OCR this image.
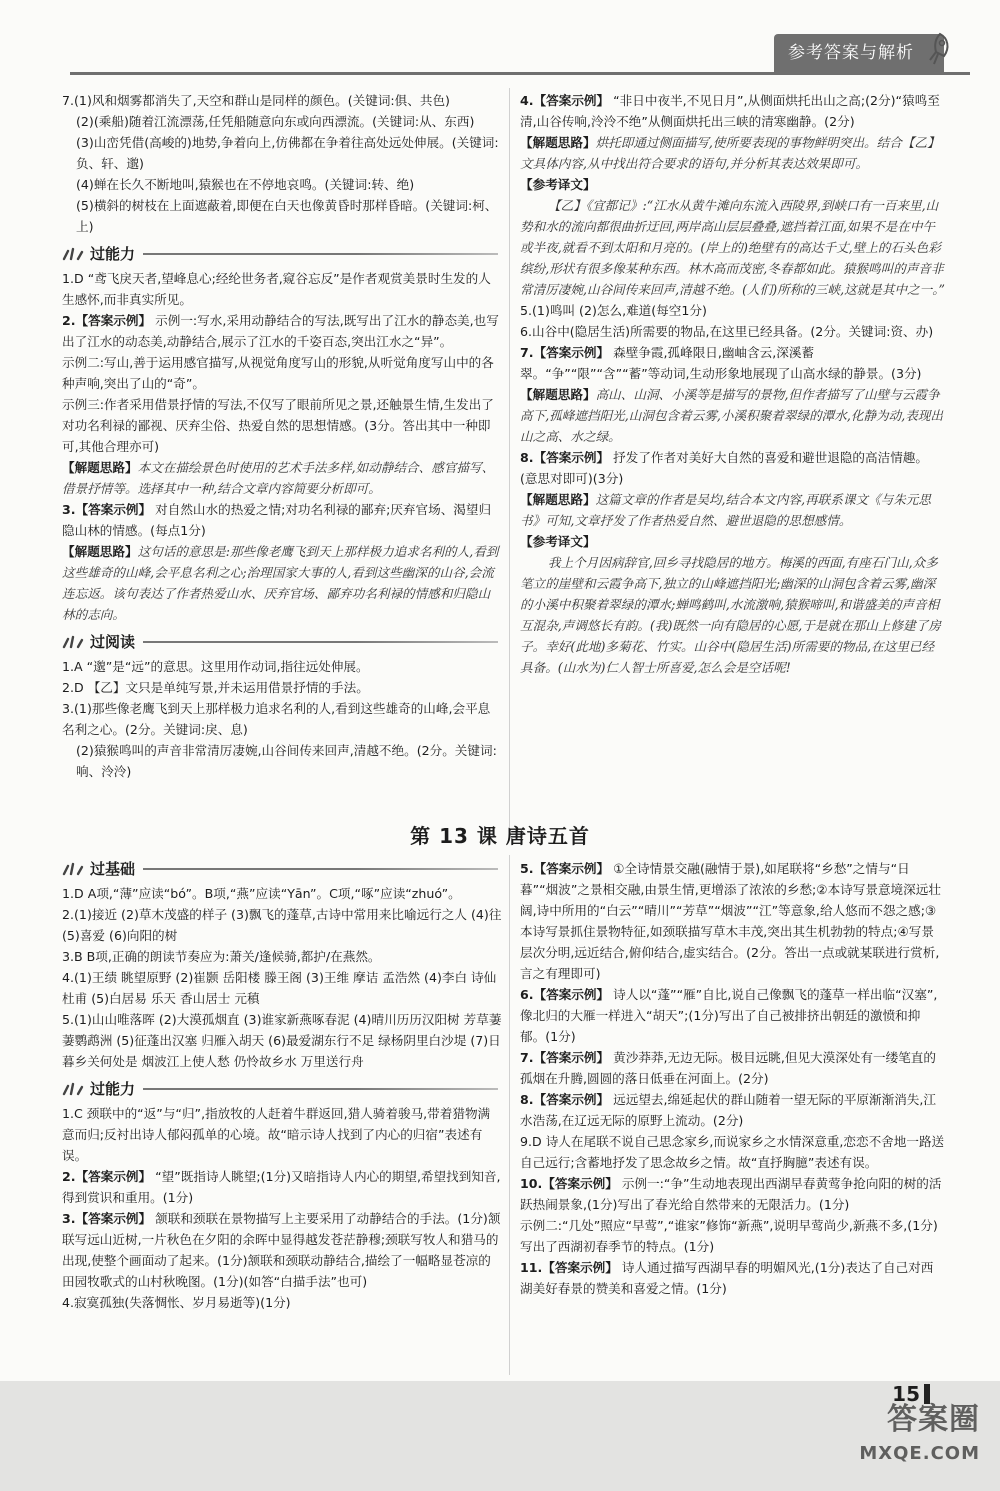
参考答案与解析

7.(1)风和烟雾都消失了,天空和群山是同样的颜色。(关键词:俱、共色)

(2)(乘船)随着江流漂荡,任凭船随意向东或向西漂流。(关键词:从、东西)

(3)山峦凭借(高峻的)地势,争着向上,仿佛都在争着往高处远处伸展。(关键词:负、轩、邈)

(4)蝉在长久不断地叫,猿猴也在不停地哀鸣。(关键词:转、绝)

(5)横斜的树枝在上面遮蔽着,即便在白天也像黄昏时那样昏暗。(关键词:柯、上)

过能力

1.D “鸢飞戾天者,望峰息心;经纶世务者,窥谷忘反”是作者观赏美景时生发的人生感怀,而非真实所见。

2.【答案示例】 示例一:写水,采用动静结合的写法,既写出了江水的静态美,也写出了江水的动态美,动静结合,展示了江水的千姿百态,突出江水之“异”。

示例二:写山,善于运用感官描写,从视觉角度写山的形貌,从听觉角度写山中的各种声响,突出了山的“奇”。

示例三:作者采用借景抒情的写法,不仅写了眼前所见之景,还触景生情,生发出了对功名利禄的鄙视、厌弃尘俗、热爱自然的思想情感。(3分。答出其中一种即可,其他合理亦可)

【解题思路】本文在描绘景色时使用的艺术手法多样,如动静结合、感官描写、借景抒情等。选择其中一种,结合文章内容简要分析即可。

3.【答案示例】 对自然山水的热爱之情;对功名利禄的鄙弃;厌弃官场、渴望归隐山林的情感。(每点1分)

【解题思路】这句话的意思是:那些像老鹰飞到天上那样极力追求名利的人,看到这些雄奇的山峰,会平息名利之心;治理国家大事的人,看到这些幽深的山谷,会流连忘返。该句表达了作者热爱山水、厌弃官场、鄙弃功名利禄的情感和归隐山林的志向。

过阅读

1.A “邈”是“远”的意思。这里用作动词,指往远处伸展。

2.D 【乙】文只是单纯写景,并未运用借景抒情的手法。

3.(1)那些像老鹰飞到天上那样极力追求名利的人,看到这些雄奇的山峰,会平息名利之心。(2分。关键词:戾、息)

(2)猿猴鸣叫的声音非常清厉凄婉,山谷间传来回声,清越不绝。(2分。关键词:响、泠泠)

4.【答案示例】 “非日中夜半,不见日月”,从侧面烘托出山之高;(2分)“猿鸣至清,山谷传响,泠泠不绝”从侧面烘托出三峡的清寒幽静。(2分)

【解题思路】烘托即通过侧面描写,使所要表现的事物鲜明突出。结合【乙】文具体内容,从中找出符合要求的语句,并分析其表达效果即可。

【参考译文】

【乙】《宜都记》:“江水从黄牛滩向东流入西陵界,到峡口有一百来里,山势和水的流向都很曲折迂回,两岸高山层层叠叠,遮挡着江面,如果不是在中午或半夜,就看不到太阳和月亮的。(岸上的)绝壁有的高达千丈,壁上的石头色彩缤纷,形状有很多像某种东西。林木高而茂密,冬春都如此。猿猴鸣叫的声音非常清厉凄婉,山谷间传来回声,清越不绝。(人们)所称的三峡,这就是其中之一。”

5.(1)鸣叫 (2)怎么,难道(每空1分)

6.山谷中(隐居生活)所需要的物品,在这里已经具备。(2分。关键词:资、办)

7.【答案示例】 森壁争霞,孤峰限日,幽岫含云,深溪蓄翠。“争”“限”“含”“蓄”等动词,生动形象地展现了山高水绿的静景。(3分)

【解题思路】高山、山洞、小溪等是描写的景物,但作者描写了山壁与云霞争高下,孤峰遮挡阳光,山洞包含着云雾,小溪积聚着翠绿的潭水,化静为动,表现出山之高、水之绿。

8.【答案示例】 抒发了作者对美好大自然的喜爱和避世退隐的高洁情趣。(意思对即可)(3分)

【解题思路】这篇文章的作者是吴均,结合本文内容,再联系课文《与朱元思书》可知,文章抒发了作者热爱自然、避世退隐的思想感情。

【参考译文】

我上个月因病辞官,回乡寻找隐居的地方。梅溪的西面,有座石门山,众多笔立的崖壁和云霞争高下,独立的山峰遮挡阳光;幽深的山洞包含着云雾,幽深的小溪中积聚着翠绿的潭水;蝉鸣鹤叫,水流激响,猿猴啼叫,和谐盛美的声音相互混杂,声调悠长有韵。(我)既然一向有隐居的心愿,于是就在那山上修建了房子。幸好(此地)多菊花、竹实。山谷中(隐居生活)所需要的物品,在这里已经具备。(山水为)仁人智士所喜爱,怎么会是空话呢!

第 13 课 唐诗五首
过基础

1.D A项,“薄”应读“bó”。B项,“燕”应读“Yān”。C项,“啄”应读“zhuó”。

2.(1)接近 (2)草木茂盛的样子 (3)飘飞的蓬草,古诗中常用来比喻远行之人 (4)往 (5)喜爱 (6)向阳的树

3.B B项,正确的朗读节奏应为:萧关/逢候骑,都护/在燕然。

4.(1)王绩 眺望原野 (2)崔颢 岳阳楼 滕王阁 (3)王维 摩诘 孟浩然 (4)李白 诗仙 杜甫 (5)白居易 乐天 香山居士 元稹

5.(1)山山唯落晖 (2)大漠孤烟直 (3)谁家新燕啄春泥 (4)晴川历历汉阳树 芳草萋萋鹦鹉洲 (5)征蓬出汉塞 归雁入胡天 (6)最爱湖东行不足 绿杨阴里白沙堤 (7)日暮乡关何处是 烟波江上使人愁 仍怜故乡水 万里送行舟

过能力

1.C 颈联中的“返”与“归”,指放牧的人赶着牛群返回,猎人骑着骏马,带着猎物满意而归;反衬出诗人郁闷孤单的心境。故“暗示诗人找到了内心的归宿”表述有误。

2.【答案示例】 “望”既指诗人眺望;(1分)又暗指诗人内心的期望,希望找到知音,得到赏识和重用。(1分)

3.【答案示例】 颔联和颈联在景物描写上主要采用了动静结合的手法。(1分)颔联写远山近树,一片秋色在夕阳的余晖中显得越发苍茫静穆;颈联写牧人和猎马的出现,使整个画面动了起来。(1分)颔联和颈联动静结合,描绘了一幅略显苍凉的田园牧歌式的山村秋晚图。(1分)(如答“白描手法”也可)

4.寂寞孤独(失落惆怅、岁月易逝等)(1分)

5.【答案示例】 ①全诗情景交融(融情于景),如尾联将“乡愁”之情与“日暮”“烟波”之景相交融,由景生情,更增添了浓浓的乡愁;②本诗写景意境深远壮阔,诗中所用的“白云”“晴川”“芳草”“烟波”“江”等意象,给人悠而不怨之感;③本诗写景抓住景物特征,如颈联描写草木丰茂,突出其生机勃勃的特点;④写景层次分明,远近结合,俯仰结合,虚实结合。(2分。答出一点或就某联进行赏析,言之有理即可)

6.【答案示例】 诗人以“蓬”“雁”自比,说自己像飘飞的蓬草一样出临“汉塞”,像北归的大雁一样进入“胡天”;(1分)写出了自己被排挤出朝廷的激愤和抑郁。(1分)

7.【答案示例】 黄沙莽莽,无边无际。极目远眺,但见大漠深处有一缕笔直的孤烟在升腾,圆圆的落日低垂在河面上。(2分)

8.【答案示例】 远远望去,绵延起伏的群山随着一望无际的平原渐渐消失,江水浩荡,在辽远无际的原野上流动。(2分)

9.D 诗人在尾联不说自己思念家乡,而说家乡之水情深意重,恋恋不舍地一路送自己远行;含蓄地抒发了思念故乡之情。故“直抒胸臆”表述有误。

10.【答案示例】 示例一:“争”生动地表现出西湖早春黄莺争抢向阳的树的活跃热闹景象,(1分)写出了春光给自然带来的无限活力。(1分)

示例二:“几处”照应“早莺”,“谁家”修饰“新燕”,说明早莺尚少,新燕不多,(1分)写出了西湖初春季节的特点。(1分)

11.【答案示例】 诗人通过描写西湖早春的明媚风光,(1分)表达了自己对西湖美好春景的赞美和喜爱之情。(1分)

15
答案圈
MXQE.COM
